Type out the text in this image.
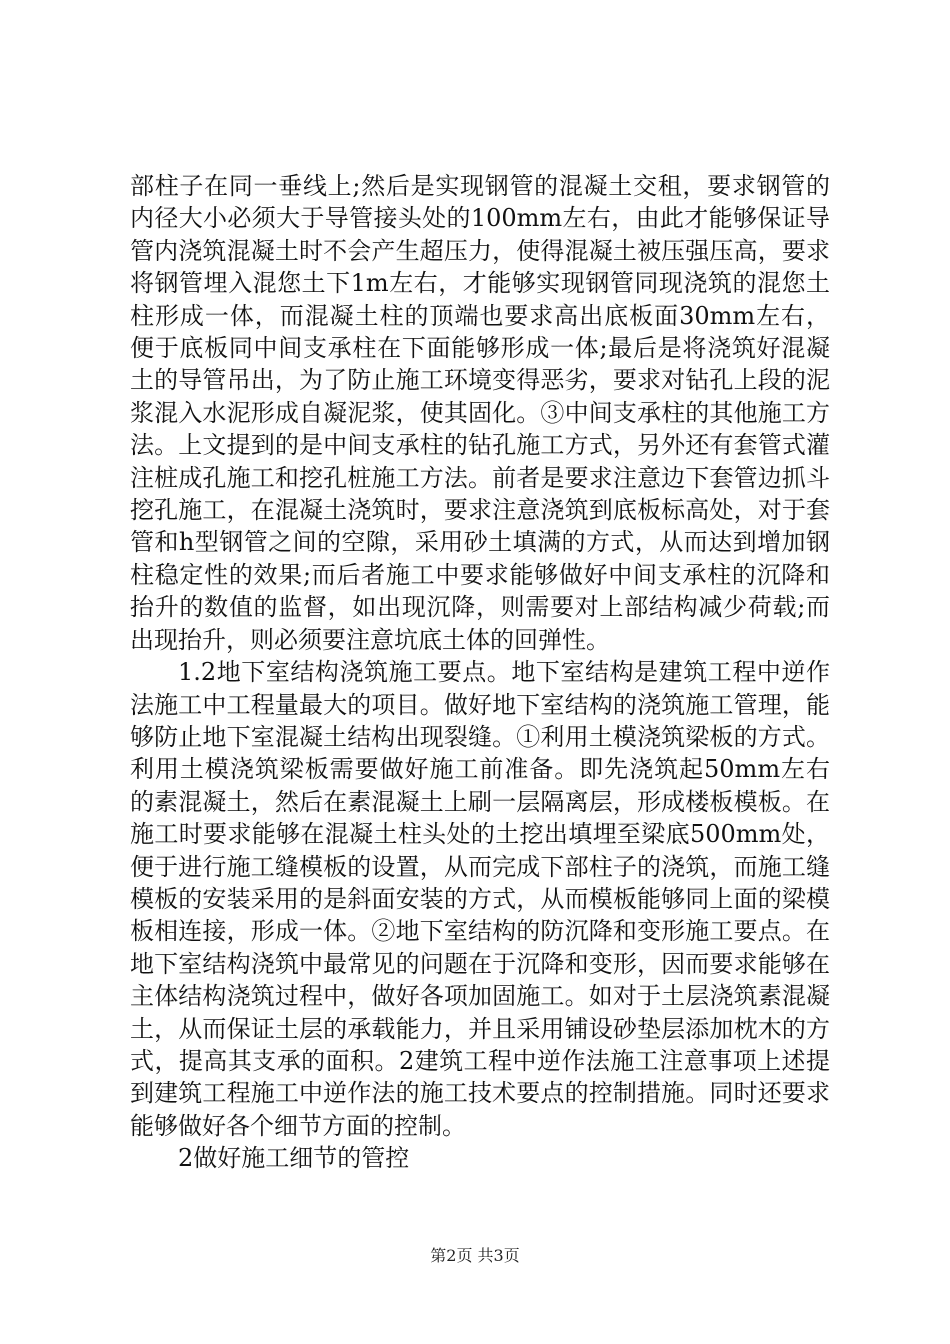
部柱子在同一垂线上;然后是实现钢管的混凝土交租，要求钢管的内径大小必须大于导管接头处的100mm左右，由此才能够保证导管内浇筑混凝土时不会产生超压力，使得混凝土被压强压高，要求将钢管埋入混您土下1m左右，才能够实现钢管同现浇筑的混您土柱形成一体，而混凝土柱的顶端也要求高出底板面30mm左右，便于底板同中间支承柱在下面能够形成一体;最后是将浇筑好混凝土的导管吊出，为了防止施工环境变得恶劣，要求对钻孔上段的泥浆混入水泥形成自凝泥浆，使其固化。③中间支承柱的其他施工方法。上文提到的是中间支承柱的钻孔施工方式，另外还有套管式灌注桩成孔施工和挖孔桩施工方法。前者是要求注意边下套管边抓斗挖孔施工，在混凝土浇筑时，要求注意浇筑到底板标高处，对于套管和h型钢管之间的空隙，采用砂土填满的方式，从而达到增加钢柱稳定性的效果;而后者施工中要求能够做好中间支承柱的沉降和抬升的数值的监督，如出现沉降，则需要对上部结构减少荷载;而出现抬升，则必须要注意坑底土体的回弹性。

1.2地下室结构浇筑施工要点。地下室结构是建筑工程中逆作法施工中工程量最大的项目。做好地下室结构的浇筑施工管理，能够防止地下室混凝土结构出现裂缝。①利用土模浇筑梁板的方式。利用土模浇筑梁板需要做好施工前准备。即先浇筑起50mm左右的素混凝土，然后在素混凝土上刷一层隔离层，形成楼板模板。在施工时要求能够在混凝土柱头处的土挖出填埋至梁底500mm处，便于进行施工缝模板的设置，从而完成下部柱子的浇筑，而施工缝模板的安装采用的是斜面安装的方式，从而模板能够同上面的梁模板相连接，形成一体。②地下室结构的防沉降和变形施工要点。在地下室结构浇筑中最常见的问题在于沉降和变形，因而要求能够在主体结构浇筑过程中，做好各项加固施工。如对于土层浇筑素混凝土，从而保证土层的承载能力，并且采用铺设砂垫层添加枕木的方式，提高其支承的面积。2建筑工程中逆作法施工注意事项上述提到建筑工程施工中逆作法的施工技术要点的控制措施。同时还要求能够做好各个细节方面的控制。

2做好施工细节的管控

第2页 共3页
